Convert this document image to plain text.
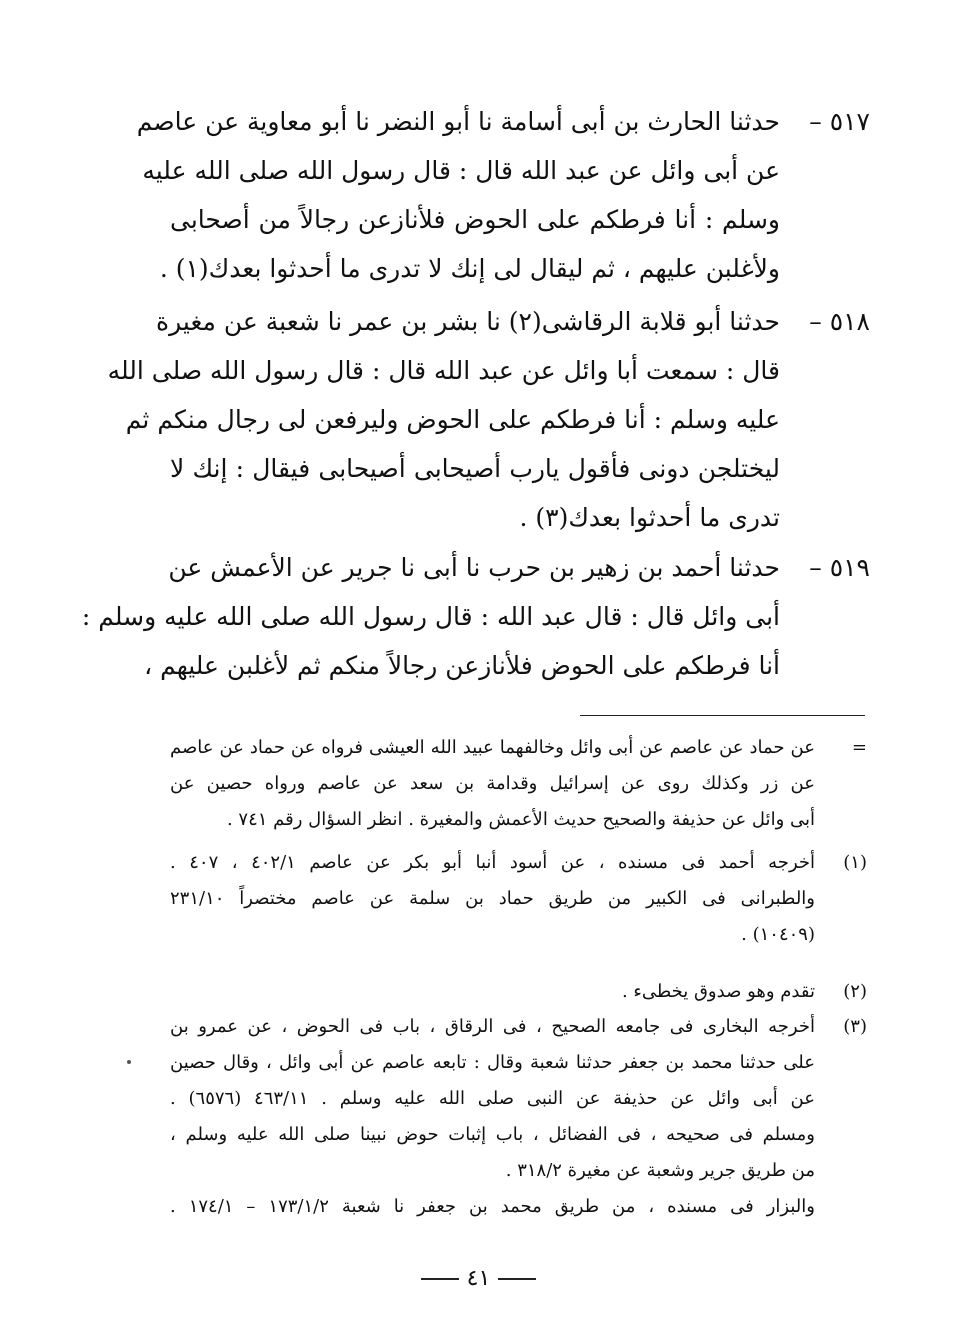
٥١٧ –
حدثنا الحارث بن أبى أسامة نا أبو النضر نا أبو معاوية عن عاصم
عن أبى وائل عن عبد الله قال : قال رسول الله صلى الله عليه
وسلم : أنا فرطكم على الحوض فلأنازعن رجالاً من أصحابى
ولأغلبن عليهم ، ثم ليقال لى إنك لا تدرى ما أحدثوا بعدك(١) .
٥١٨ –
حدثنا أبو قلابة الرقاشى(٢) نا بشر بن عمر نا شعبة عن مغيرة
قال : سمعت أبا وائل عن عبد الله قال : قال رسول الله صلى الله
عليه وسلم : أنا فرطكم على الحوض وليرفعن لى رجال منكم ثم
ليختلجن دونى فأقول يارب أصيحابى أصيحابى فيقال : إنك لا
تدرى ما أحدثوا بعدك(٣) .
٥١٩ –
حدثنا أحمد بن زهير بن حرب نا أبى نا جرير عن الأعمش عن
أبى وائل قال : قال عبد الله : قال رسول الله صلى الله عليه وسلم :
أنا فرطكم على الحوض فلأنازعن رجالاً منكم ثم لأغلبن عليهم ،
=
عن حماد عن عاصم عن أبى وائل وخالفهما عبيد الله العيشى فرواه عن حماد عن عاصم
عن زر وكذلك روى عن إسرائيل وقدامة بن سعد عن عاصم ورواه حصين عن
أبى وائل عن حذيفة والصحيح حديث الأعمش والمغيرة . انظر السؤال رقم ٧٤١ .
(١)
أخرجه أحمد فى مسنده ، عن أسود أنبا أبو بكر عن عاصم ٤٠٢/١ ، ٤٠٧ .
والطبرانى فى الكبير من طريق حماد بن سلمة عن عاصم مختصراً ٢٣١/١٠
(١٠٤٠٩) .
(٢)
تقدم وهو صدوق يخطىء .
(٣)
أخرجه البخارى فى جامعه الصحيح ، فى الرقاق ، باب فى الحوض ، عن عمرو بن
على حدثنا محمد بن جعفر حدثنا شعبة وقال : تابعه عاصم عن أبى وائل ، وقال حصين
عن أبى وائل عن حذيفة عن النبى صلى الله عليه وسلم . ٤٦٣/١١ (٦٥٧٦) .
ومسلم فى صحيحه ، فى الفضائل ، باب إثبات حوض نبينا صلى الله عليه وسلم ،
من طريق جرير وشعبة عن مغيرة ٣١٨/٢ .
والبزار فى مسنده ، من طريق محمد بن جعفر نا شعبة ١٧٣/١/٢ – ١٧٤/١ .
٤١
